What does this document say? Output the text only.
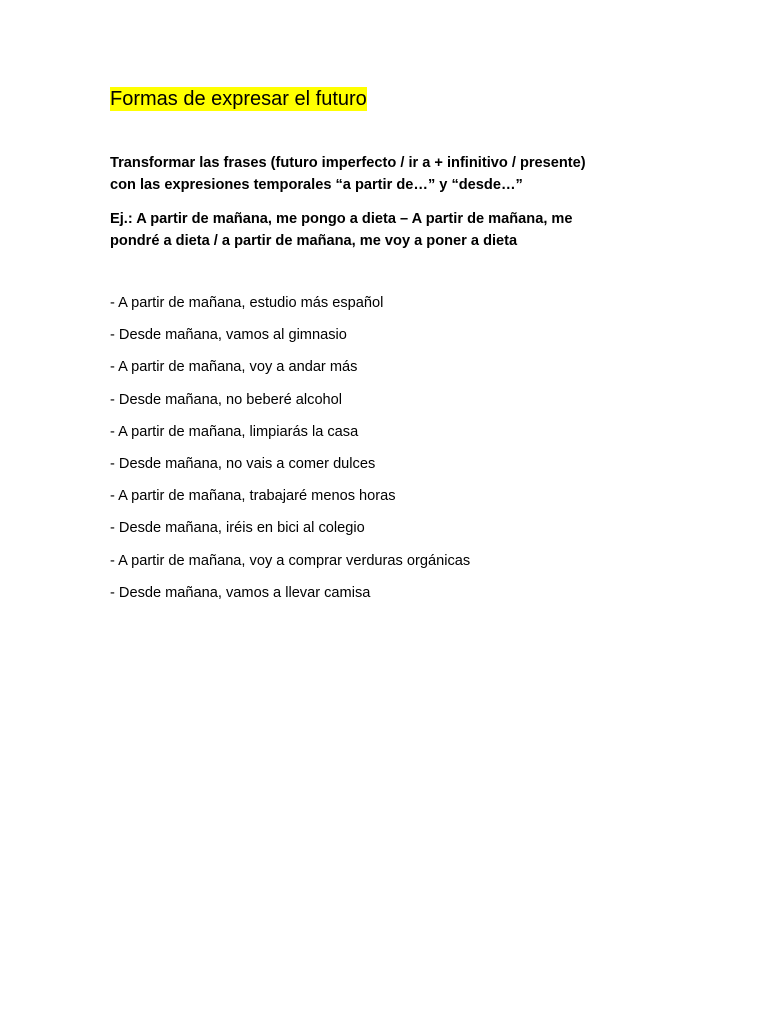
Formas de expresar el futuro

Transformar las frases (futuro imperfecto / ir a + infinitivo / presente)
con las expresiones temporales “a partir de…” y “desde…”

Ej.: A partir de mañana, me pongo a dieta – A partir de mañana, me
pondré a dieta / a partir de mañana, me voy a poner a dieta

- A partir de mañana, estudio más español
- Desde mañana, vamos al gimnasio
- A partir de mañana, voy a andar más
- Desde mañana, no beberé alcohol
- A partir de mañana, limpiarás la casa
- Desde mañana, no vais a comer dulces
- A partir de mañana, trabajaré menos horas
- Desde mañana, iréis en bici al colegio
- A partir de mañana, voy a comprar verduras orgánicas
- Desde mañana, vamos a llevar camisa
